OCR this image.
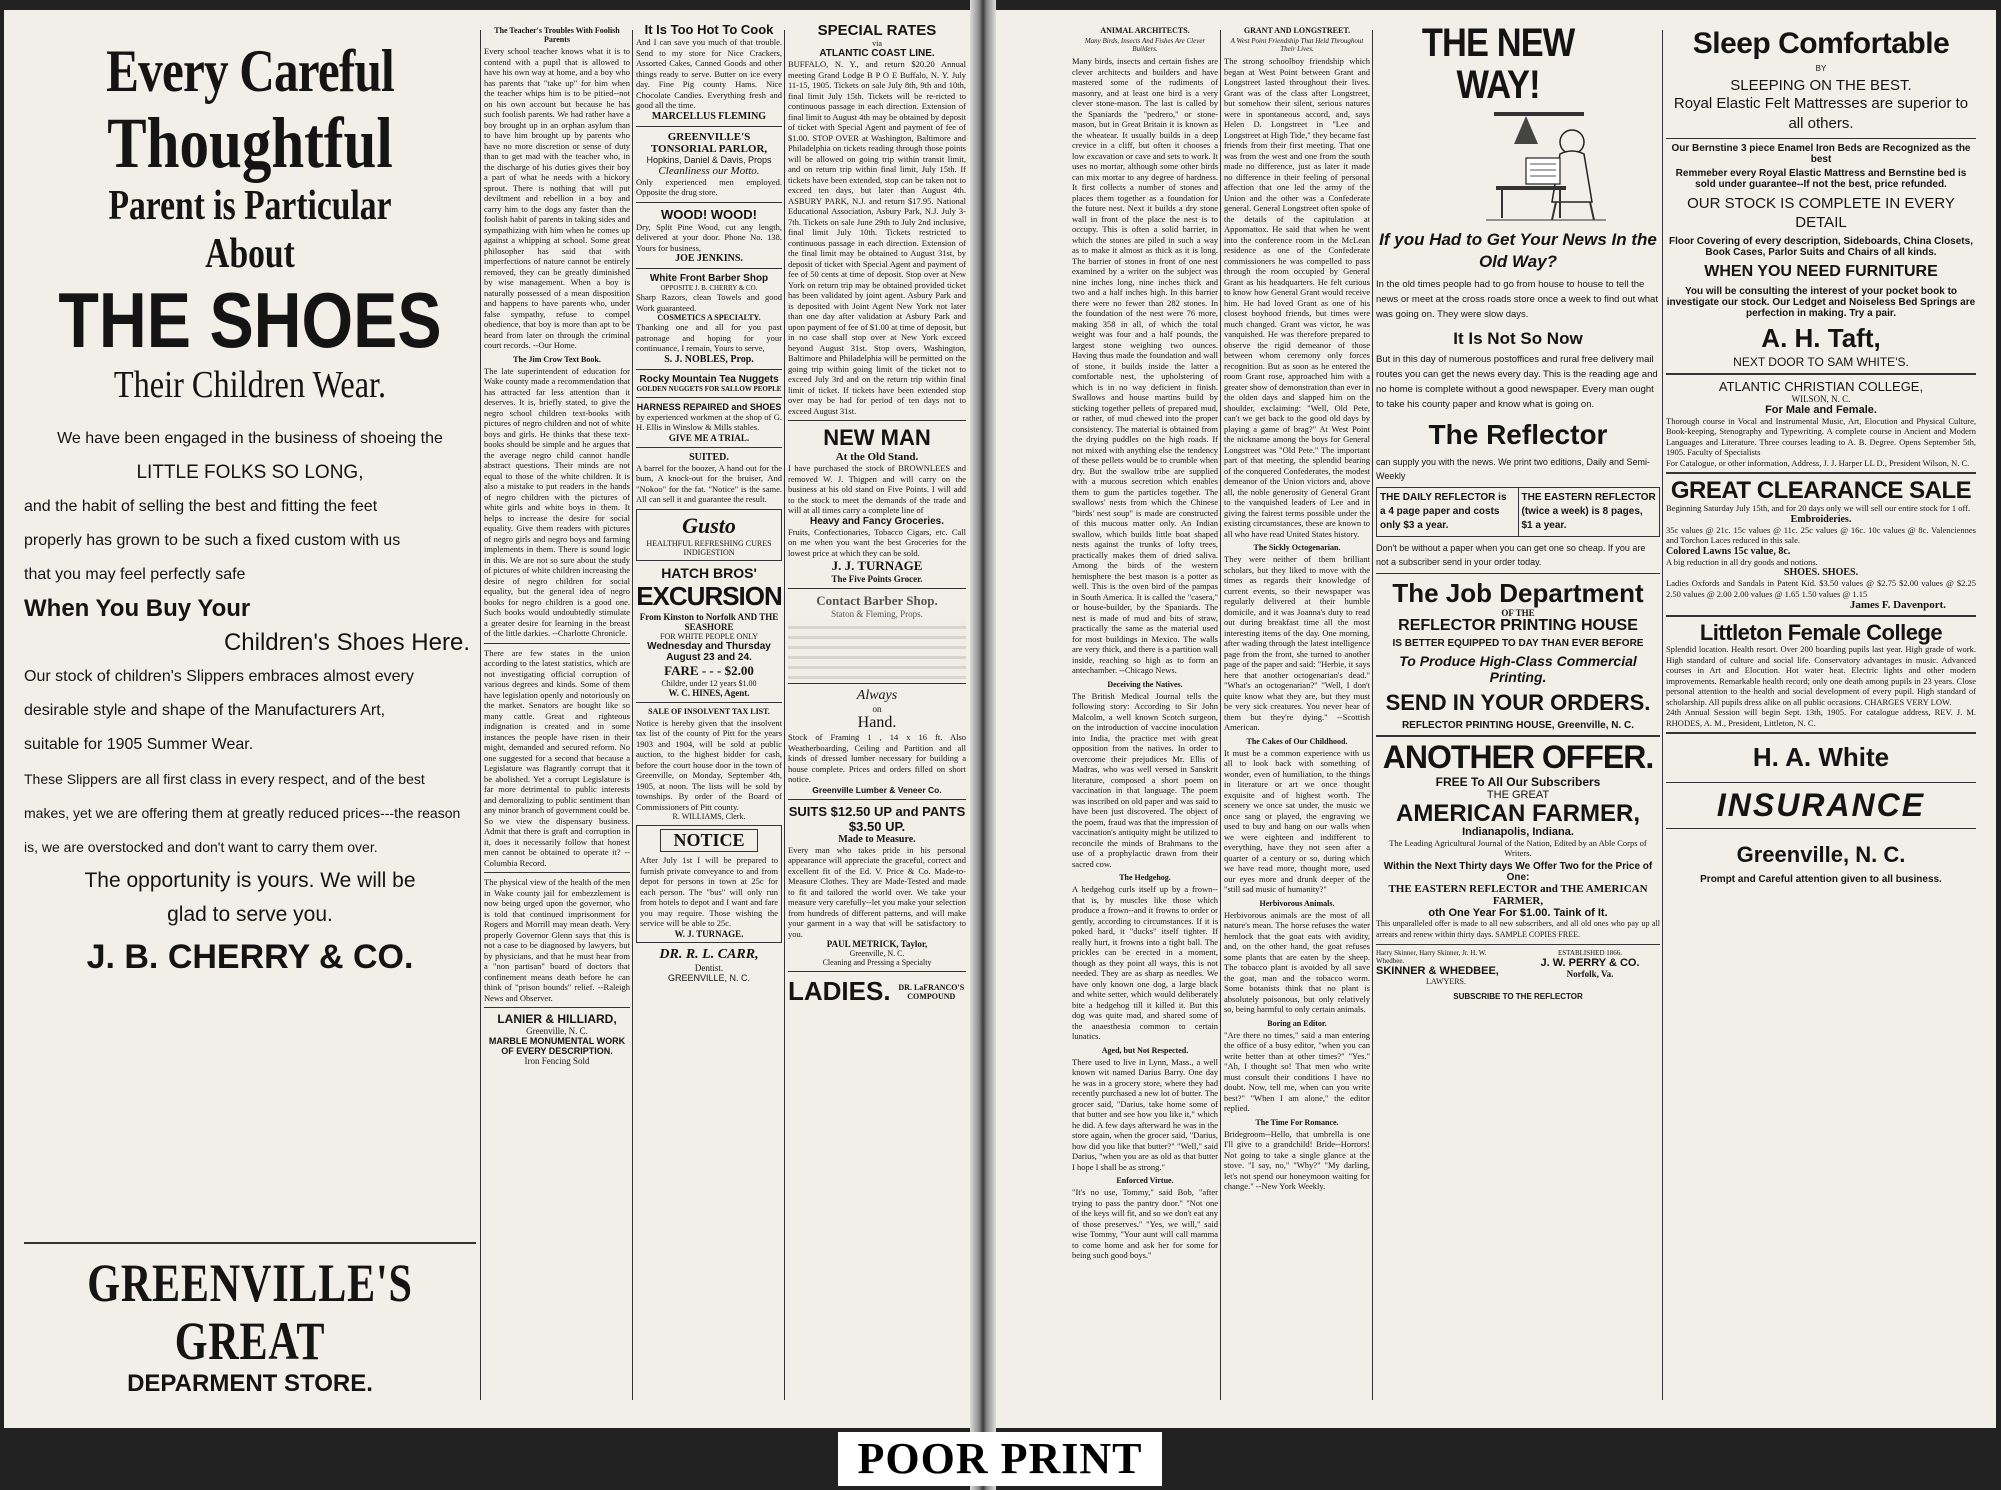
Every Careful
Thoughtful
Parent is Particular About
THE SHOES
Their Children Wear.
We have been engaged in the business of shoeing the
LITTLE FOLKS SO LONG,
and the habit of selling the best and fitting the feet
properly has grown to be such a fixed custom with us
that you may feel perfectly safe
When You Buy Your
Children's Shoes Here.
Our stock of children's Slippers embraces almost every
desirable style and shape of the Manufacturers Art,
suitable for 1905 Summer Wear.
These Slippers are all first class in every respect, and of the best
makes, yet we are offering them at greatly reduced prices---the reason
is, we are overstocked and don't want to carry them over.
The opportunity is yours. We will be
glad to serve you.
J. B. CHERRY & CO.
GREENVILLE'S GREAT
DEPARMENT STORE.
The Teacher's Troubles With Foolish Parents
Every school teacher knows what it is to contend with a pupil that is allowed to have his own way at home, and a boy who has parents that "take up" for him when the teacher whips him is to be pitied--not on his own account but because he has such foolish parents. We had rather have a boy brought up in an orphan asylum than to have him brought up by parents who have no more discretion or sense of duty than to get mad with the teacher who, in the discharge of his duties gives their boy a part of what he needs with a hickory sprout. There is nothing that will put deviltment and rebellion in a boy and carry him to the dogs any faster than the foolish habit of parents in taking sides and sympathizing with him when he comes up against a whipping at school. Some great philosopher has said that with imperfections of nature cannot be entirely removed, they can be greatly diminished by wise management. When a boy is naturally possessed of a mean disposition and happens to have parents who, under false sympathy, refuse to compel obedience, that boy is more than apt to be heard from later on through the criminal court records. --Our Home.
The Jim Crow Text Book.
The late superintendent of education for Wake county made a recommendation that has attracted far less attention than it deserves. It is, briefly stated, to give the negro school children text-books with pictures of negro children and not of white boys and girls. He thinks that these text-books should be simple and he argues that the average negro child cannot handle abstract questions. Their minds are not equal to those of the white children. It is also a mistake to put readers in the hands of negro children with the pictures of white girls and white boys in them. It helps to increase the desire for social equality. Give them readers with pictures of negro girls and negro boys and farming implements in them. There is sound logic in this. We are not so sure about the study of pictures of white children increasing the desire of negro children for social equality, but the general idea of negro books for negro children is a good one. Such books would undoubtedly stimulate a greater desire for learning in the breast of the little darkies. --Charlotte Chronicle.
There are few states in the union according to the latest statistics, which are not investigating official corruption of various degrees and kinds. Some of them have legislation openly and notoriously on the market. Senators are bought like so many cattle. Great and righteous indignation is created and in some instances the people have risen in their might, demanded and secured reform. No one suggested for a second that because a Legislature was flagrantly corrupt that it be abolished. Yet a corrupt Legislature is far more detrimental to public interests and demoralizing to public sentiment than any minor branch of government could be. So we view the dispensary business. Admit that there is graft and corruption in it, does it necessarily follow that honest men cannot be obtained to operate it? --Columbia Record.
The physical view of the health of the men in Wake county jail for embezzlement is now being urged upon the governor, who is told that continued imprisonment for Rogers and Morrill may mean death. Very properly Governor Glenn says that this is not a case to be diagnosed by lawyers, but by physicians, and that he must hear from a "non partisan" board of doctors that confinement means death before he can think of "prison bounds" relief. --Raleigh News and Observer.
LANIER & HILLIARD,
Greenville, N. C.
MARBLE MONUMENTAL WORK OF EVERY DESCRIPTION.
Iron Fencing Sold
It Is Too Hot To Cook
And I can save you much of that trouble. Send to my store for Nice Crackers, Assorted Cakes, Canned Goods and other things ready to serve. Butter on ice every day. Fine Pig county Hams. Nice Chocolate Candies. Everything fresh and good all the time.
MARCELLUS FLEMING
GREENVILLE'S TONSORIAL PARLOR,
Hopkins, Daniel & Davis, Props
Cleanliness our Motto.
Only experienced men employed. Opposite the drug store.
WOOD! WOOD!
Dry, Split Pine Wood, cut any length, delivered at your door. Phone No. 138. Yours for business,
JOE JENKINS.
White Front Barber Shop
OPPOSITE J. B. CHERRY & CO.
Sharp Razors, clean Towels and good Work guaranteed.
COSMETICS A SPECIALTY.
Thanking one and all for you past patronage and hoping for your continuance, I remain, Yours to serve,
S. J. NOBLES, Prop.
Rocky Mountain Tea Nuggets
GOLDEN NUGGETS FOR SALLOW PEOPLE
HARNESS REPAIRED and SHOES
by experienced workmen at the shop of G. H. Ellis in Winslow & Mills stables.
GIVE ME A TRIAL.
SUITED.
A barrel for the boozer, A hand out for the bum, A knock-out for the bruiser, And "Nokoo" for the fat. "Notice" is the same. All can sell it and guarantee the result.
Gusto
HEALTHFUL REFRESHING CURES INDIGESTION
HATCH BROS'
EXCURSION
From Kinston to Norfolk AND THE SEASHORE
FOR WHITE PEOPLE ONLY
Wednesday and Thursday August 23 and 24.
FARE - - - $2.00
Childre, under 12 years $1.00
W. C. HINES, Agent.
SALE OF INSOLVENT TAX LIST.
Notice is hereby given that the insolvent tax list of the county of Pitt for the years 1903 and 1904, will be sold at public auction, to the highest bidder for cash, before the court house door in the town of Greenville, on Monday, September 4th, 1905, at noon. The lists will be sold by townships. By order of the Board of Commissioners of Pitt county.
R. WILLIAMS, Clerk.
NOTICE
After July 1st I will be prepared to furnish private conveyance to and from depot for persons in town at 25c for each person. The "bus" will only run from hotels to depot and I want and fare you may require. Those wishing the service will be able to 25c.
W. J. TURNAGE.
DR. R. L. CARR,
Dentist.
GREENVILLE, N. C.
SPECIAL RATES
via
ATLANTIC COAST LINE.
BUFFALO, N. Y., and return $20.20 Annual meeting Grand Lodge B P O E Buffalo, N. Y. July 11-15, 1905. Tickets on sale July 8th, 9th and 10th, final limit July 15th. Tickets will be re-ricted to continuous passage in each direction. Extension of final limit to August 4th may be obtained by deposit of ticket with Special Agent and payment of fee of $1.00. STOP OVER at Washington, Baltimore and Philadelphia on tickets reading through those points will be allowed on going trip within transit limit, and on return trip within final limit, July 15th. If tickets have been extended, stop can be taken not to exceed ten days, but later than August 4th. ASBURY PARK, N.J. and return $17.95. National Educational Association, Asbury Park, N.J. July 3-7th. Tickets on sale June 29th to July 2nd inclusive, final limit July 10th. Tickets restricted to continuous passage in each direction. Extension of the final limit may be obtained to August 31st, by deposit of ticket with Special Agent and payment of fee of 50 cents at time of deposit. Stop over at New York on return trip may be obtained provided ticket has been validated by joint agent. Asbury Park and is deposited with Joint Agent New York not later than one day after validation at Asbury Park and upon payment of fee of $1.00 at time of deposit, but in no case shall stop over at New York exceed beyond August 31st. Stop overs, Washington, Baltimore and Philadelphia will be permitted on the going trip within going limit of the ticket not to exceed July 3rd and on the return trip within final limit of ticket. If tickets have been extended stop over may be had for period of ten days not to exceed August 31st.
NEW MAN
At the Old Stand.
I have purchased the stock of BROWNLEES and removed W. J. Thigpen and will carry on the business at his old stand on Five Points. I will add to the stock to meet the demands of the trade and will at all times carry a complete line of
Heavy and Fancy Groceries.
Fruits, Confectionaries, Tobacco Cigars, etc. Call on me when you want the best Groceries for the lowest price at which they can be sold.
J. J. TURNAGE
The Five Points Grocer.
Contact Barber Shop.
Staton & Fleming, Props.
Always
on
Hand.
Stock of Framing 1 , 14 x 16 ft. Also Weatherboarding, Ceiling and Partition and all kinds of dressed lumber necessary for building a house complete. Prices and orders filled on short notice.
Greenville Lumber & Veneer Co.
SUITS $12.50 UP and PANTS $3.50 UP.
Made to Measure.
Every man who takes pride in his personal appearance will appreciate the graceful, correct and excellent fit of the Ed. V. Price & Co. Made-to-Measure Clothes. They are Made-Tested and made to fit and tailored the world over. We take your measure very carefully--let you make your selection from hundreds of different patterns, and will make your garment in a way that will be satisfactory to you.
PAUL METRICK, Taylor,
Greenville, N. C.
Cleaning and Pressing a Specialty
LADIES. DR. LaFRANCO'S COMPOUND
ANIMAL ARCHITECTS.
Many Birds, Insects And Fishes Are Clever Builders.
Many birds, insects and certain fishes are clever architects and builders and have mastered some of the rudiments of masonry, and at least one bird is a very clever stone-mason. The last is called by the Spaniards the "pedrero," or stone-mason, but in Great Britain it is known as the wheatear. It usually builds in a deep crevice in a cliff, but often it chooses a low excavation or cave and sets to work. It uses no mortar, although some other birds can mix mortar to any degree of hardness. It first collects a number of stones and places them together as a foundation for the future nest. Next it builds a dry stone wall in front of the place the nest is to occupy. This is often a solid barrier, in which the stones are piled in such a way as to make it almost as thick as it is long. The barrier of stones in front of one nest examined by a writer on the subject was nine inches long, nine inches thick and two and a half inches high. In this barrier there were no fewer than 282 stones. In the foundation of the nest were 76 more, making 358 in all, of which the total weight was four and a half pounds, the largest stone weighing two ounces. Having thus made the foundation and wall of stone, it builds inside the latter a comfortable nest, the upholstering of which is in no way deficient in finish. Swallows and house martins build by sticking together pellets of prepared mud, or rather, of mud chewed into the proper consistency. The material is obtained from the drying puddles on the high roads. If not mixed with anything else the tendency of these pellets would be to crumble when dry. But the swallow tribe are supplied with a mucous secretion which enables them to gum the particles together. The swallows' nests from which the Chinese "birds' nest soup" is made are constructed of this mucous matter only. An Indian swallow, which builds little boat shaped nests against the trunks of lofty trees, practically makes them of dried saliva. Among the birds of the western hemisphere the best mason is a potter as well. This is the oven bird of the pampas in South America. It is called the "casera," or house-builder, by the Spaniards. The nest is made of mud and bits of straw, practically the same as the material used for most buildings in Mexico. The walls are very thick, and there is a partition wall inside, reaching so high as to form an antechamber. --Chicago News.
Deceiving the Natives.
The British Medical Journal tells the following story: According to Sir John Malcolm, a well known Scotch surgeon, on the introduction of vaccine inoculation into India, the practice met with great opposition from the natives. In order to overcome their prejudices Mr. Ellis of Madras, who was well versed in Sanskrit literature, composed a short poem on vaccination in that language. The poem was inscribed on old paper and was said to have been just discovered. The object of the poem, fraud was that the impression of vaccination's antiquity might be utilized to reconcile the minds of Brahmans to the use of a prophylactic drawn from their sacred cow.
The Hedgehog.
A hedgehog curls itself up by a frown--that is, by muscles like those which produce a frown--and it frowns to order or gently, according to circumstances. If it is poked hard, it "ducks" itself tighter. If really hurt, it frowns into a tight ball. The prickles can be erected in a moment, though as they point all ways, this is not needed. They are as sharp as needles. We have only known one dog, a large black and white setter, which would deliberately bite a hedgehog till it killed it. But this dog was quite mad, and shared some of the anaesthesia common to certain lunatics.
Aged, but Not Respected.
There used to live in Lynn, Mass., a well known wit named Darius Barry. One day he was in a grocery store, where they had recently purchased a new lot of butter. The grocer said, "Darius, take home some of that butter and see how you like it," which he did. A few days afterward he was in the store again, when the grocer said, "Darius, how did you like that butter?" "Well," said Darius, "when you are as old as that butter I hope I shall be as strong."
Enforced Virtue.
"It's no use, Tommy," said Bob, "after trying to pass the pantry door." "Not one of the keys will fit, and so we don't eat any of those preserves." "Yes, we will," said wise Tommy, "Your aunt will call mamma to come home and ask her for some for being such good boys."
GRANT AND LONGSTREET.
A West Point Friendship That Held Throughout Their Lives.
The strong schoolboy friendship which began at West Point between Grant and Longstreet lasted throughout their lives. Grant was of the class after Longstreet, but somehow their silent, serious natures were in spontaneous accord, and, says Helen D. Longstreet in "Lee and Longstreet at High Tide," they became fast friends from their first meeting. That one was from the west and one from the south made no difference, just as later it made no difference in their feeling of personal affection that one led the army of the Union and the other was a Confederate general. General Longstreet often spoke of the details of the capitulation at Appomattox. He said that when he went into the conference room in the McLean residence as one of the Confederate commissioners he was compelled to pass through the room occupied by General Grant as his headquarters. He felt curious to know how General Grant would receive him. He had loved Grant as one of his closest boyhood friends, but times were much changed. Grant was victor, he was vanquished. He was therefore prepared to observe the rigid demeanor of those between whom ceremony only forces recognition. But as soon as he entered the room Grant rose, approached him with a greater show of demonstration than ever in the olden days and slapped him on the shoulder, exclaiming: "Well, Old Pete, can't we get back to the good old days by playing a game of brag?" At West Point the nickname among the boys for General Longstreet was "Old Pete." The important part of that meeting, the splendid bearing of the conquered Confederates, the modest demeanor of the Union victors and, above all, the noble generosity of General Grant to the vanquished leaders of Lee and in giving the fairest terms possible under the existing circumstances, these are known to all who have read United States history.
The Sickly Octogenarian.
They were neither of them brilliant scholars, but they liked to move with the times as regards their knowledge of current events, so their newspaper was regularly delivered at their humble domicile, and it was Joanna's duty to read out during breakfast time all the most interesting items of the day. One morning, after wading through the latest intelligence page from the front, she turned to another page of the paper and said: "Herbie, it says here that another octogenarian's dead." "What's an octogenarian?" "Well, I don't quite know what they are, but they must be very sick creatures. You never hear of them but they're dying." --Scottish American.
The Cakes of Our Childhood.
It must be a common experience with us all to look back with something of wonder, even of humiliation, to the things in literature or art we once thought exquisite and of highest worth. The scenery we once sat under, the music we once sang or played, the engraving we used to buy and hang on our walls when we were eighteen and indifferent to everything, have they not seen after a quarter of a century or so, during which we have read more, thought more, used our eyes more and drunk deeper of the "still sad music of humanity?"
Herbivorous Animals.
Herbivorous animals are the most of all nature's mean. The horse refuses the water hemlock that the goat eats with avidity, and, on the other hand, the goat refuses some plants that are eaten by the sheep. The tobacco plant is avoided by all save the goat, man and the tobacco worm. Some botanists think that no plant is absolutely poisonous, but only relatively so, being harmful to only certain animals.
Boring an Editor.
"Are there no times," said a man entering the office of a busy editor, "when you can write better than at other times?" "Yes." "Ah, I thought so! That men who write must consult their conditions I have no doubt. Now, tell me, when can you write best?" "When I am alone," the editor replied.
The Time For Romance.
Bridegroom--Hello, that umbrella is one I'll give to a grandchild! Bride--Horrors! Not going to take a single glance at the stove. "I say, no," "Why?" "My darling, let's not spend our honeymoon waiting for change." --New York Weekly.
THE NEW WAY!
If you Had to Get Your News In the Old Way?
In the old times people had to go from house to house to tell the news or meet at the cross roads store once a week to find out what was going on. They were slow days.
It Is Not So Now
But in this day of numerous postoffices and rural free delivery mail routes you can get the news every day. This is the reading age and no home is complete without a good newspaper. Every man ought to take his county paper and know what is going on.
The Reflector
can supply you with the news. We print two editions, Daily and Semi-Weekly
THE DAILY REFLECTOR is a 4 page paper and costs only $3 a year.
THE EASTERN REFLECTOR (twice a week) is 8 pages, $1 a year.
Don't be without a paper when you can get one so cheap. If you are not a subscriber send in your order today.
The Job Department
OF THE
REFLECTOR PRINTING HOUSE
IS BETTER EQUIPPED TO DAY THAN EVER BEFORE
To Produce High-Class Commercial Printing.
SEND IN YOUR ORDERS.
REFLECTOR PRINTING HOUSE, Greenville, N. C.
ANOTHER OFFER.
FREE To All Our Subscribers
THE GREAT
AMERICAN FARMER,
Indianapolis, Indiana.
The Leading Agricultural Journal of the Nation, Edited by an Able Corps of Writers.
Within the Next Thirty days We Offer Two for the Price of One:
THE EASTERN REFLECTOR and THE AMERICAN FARMER,
oth One Year For $1.00. Taink of It.
This unparalleled offer is made to all new subscribers, and all old ones who pay up all arrears and renew within thirty days. SAMPLE COPIES FREE.
Harry Skinner, Harry Skinner, Jr. H. W. Whedbee.
SKINNER & WHEDBEE,
LAWYERS.
ESTABLISHED 1866.
J. W. PERRY & CO.
Norfolk, Va.
SUBSCRIBE TO THE REFLECTOR
Sleep Comfortable
BY
SLEEPING ON THE BEST.
Royal Elastic Felt Mattresses are superior to all others.
Our Bernstine 3 piece Enamel Iron Beds are Recognized as the best
Remmeber every Royal Elastic Mattress and Bernstine bed is sold under guarantee--If not the best, price refunded.
OUR STOCK IS COMPLETE IN EVERY DETAIL
Floor Covering of every description, Sideboards, China Closets, Book Cases, Parlor Suits and Chairs of all kinds.
WHEN YOU NEED FURNITURE
You will be consulting the interest of your pocket book to investigate our stock. Our Ledget and Noiseless Bed Springs are perfection in making. Try a pair.
A. H. Taft,
NEXT DOOR TO SAM WHITE'S.
ATLANTIC CHRISTIAN COLLEGE,
WILSON, N. C.
For Male and Female.
Thorough course in Vocal and Instrumental Music, Art, Elocution and Physical Culture, Book-keeping, Stenography and Typewriting. A complete course in Ancient and Modern Languages and Literature. Three courses leading to A. B. Degree. Opens September 5th, 1905. Faculty of Specialists
For Catalogue, or other information, Address, J. J. Harper LL D., President Wilson, N. C.
GREAT CLEARANCE SALE
Beginning Saturday July 15th, and for 20 days only we will sell our entire stock for 1 off.
Embroideries.
35c values @ 21c. 15c values @ 11c. 25c values @ 16c. 10c values @ 8c. Valenciennes and Torchon Laces reduced in this sale.
Colored Lawns 15c value, 8c.
A big reduction in all dry goods and notions.
SHOES. SHOES.
Ladies Oxfords and Sandals in Patent Kid. $3.50 values @ $2.75 $2.00 values @ $2.25 2.50 values @ 2.00 2.00 values @ 1.65 1.50 values @ 1.15
James F. Davenport.
Littleton Female College
Splendid location. Health resort. Over 200 boarding pupils last year. High grade of work. High standard of culture and social life. Conservatory advantages in music. Advanced courses in Art and Elocution. Hot water heat. Electric lights and other modern improvements. Remarkable health record; only one death among pupils in 23 years. Close personal attention to the health and social development of every pupil. High standard of scholarship. All pupils dress alike on all public occasions. CHARGES VERY LOW.
24th Annual Session will begin Sept. 13th, 1905. For catalogue address, REV. J. M. RHODES, A. M., President, Littleton, N. C.
H. A. White
INSURANCE
Greenville, N. C.
Prompt and Careful attention given to all business.
POOR PRINT
